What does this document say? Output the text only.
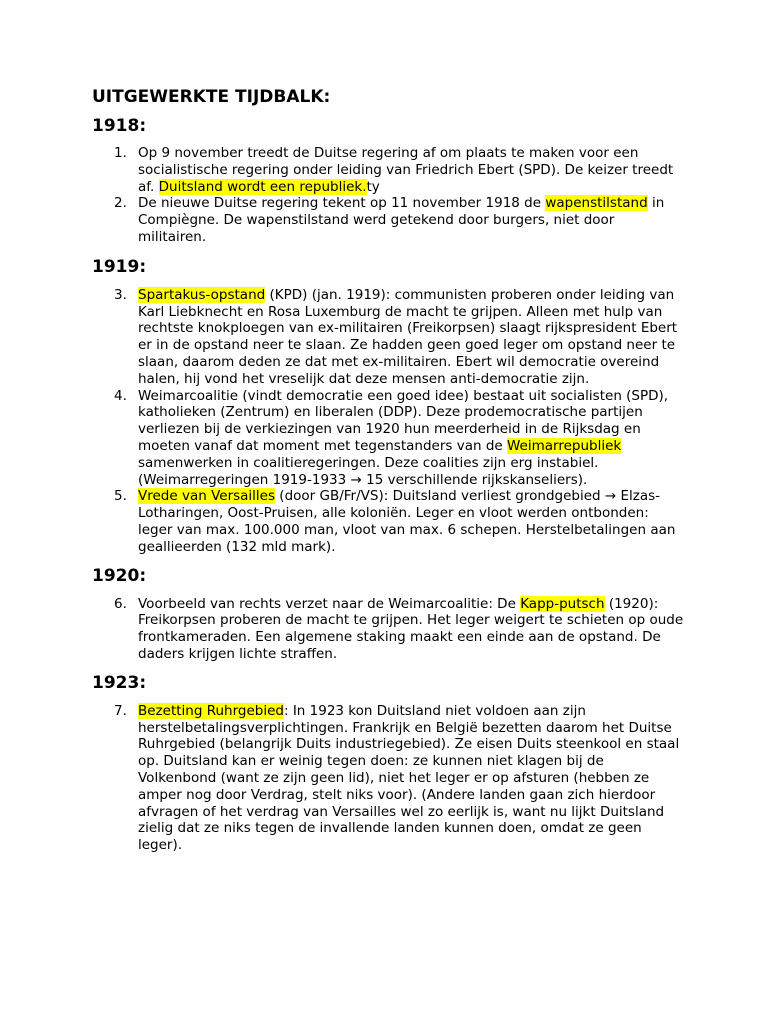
UITGEWERKTE TIJDBALK:
1918:
1. Op 9 november treedt de Duitse regering af om plaats te maken voor een socialistische regering onder leiding van Friedrich Ebert (SPD). De keizer treedt af. Duitsland wordt een republiek.ty
2. De nieuwe Duitse regering tekent op 11 november 1918 de wapenstilstand in Compiègne. De wapenstilstand werd getekend door burgers, niet door militairen.
1919:
3. Spartakus-opstand (KPD) (jan. 1919): communisten proberen onder leiding van Karl Liebknecht en Rosa Luxemburg de macht te grijpen. Alleen met hulp van rechtste knokploegen van ex-militairen (Freikorpsen) slaagt rijkspresident Ebert er in de opstand neer te slaan. Ze hadden geen goed leger om opstand neer te slaan, daarom deden ze dat met ex-militairen. Ebert wil democratie overeind halen, hij vond het vreselijk dat deze mensen anti-democratie zijn.
4. Weimarcoalitie (vindt democratie een goed idee) bestaat uit socialisten (SPD), katholieken (Zentrum) en liberalen (DDP). Deze prodemocratische partijen verliezen bij de verkiezingen van 1920 hun meerderheid in de Rijksdag en moeten vanaf dat moment met tegenstanders van de Weimarrepubliek samenwerken in coalitieregeringen. Deze coalities zijn erg instabiel. (Weimarregeringen 1919-1933 → 15 verschillende rijkskanseliers).
5. Vrede van Versailles (door GB/Fr/VS): Duitsland verliest grondgebied → Elzas-Lotharingen, Oost-Pruisen, alle koloniën. Leger en vloot werden ontbonden: leger van max. 100.000 man, vloot van max. 6 schepen. Herstelbetalingen aan geallieerden (132 mld mark).
1920:
6. Voorbeeld van rechts verzet naar de Weimarcoalitie: De Kapp-putsch (1920): Freikorpsen proberen de macht te grijpen. Het leger weigert te schieten op oude frontkameraden. Een algemene staking maakt een einde aan de opstand. De daders krijgen lichte straffen.
1923:
7. Bezetting Ruhrgebied: In 1923 kon Duitsland niet voldoen aan zijn herstelbetalingsverplichtingen. Frankrijk en België bezetten daarom het Duitse Ruhrgebied (belangrijk Duits industriegebied). Ze eisen Duits steenkool en staal op. Duitsland kan er weinig tegen doen: ze kunnen niet klagen bij de Volkenbond (want ze zijn geen lid), niet het leger er op afsturen (hebben ze amper nog door Verdrag, stelt niks voor). (Andere landen gaan zich hierdoor afvragen of het verdrag van Versailles wel zo eerlijk is, want nu lijkt Duitsland zielig dat ze niks tegen de invallende landen kunnen doen, omdat ze geen leger).
